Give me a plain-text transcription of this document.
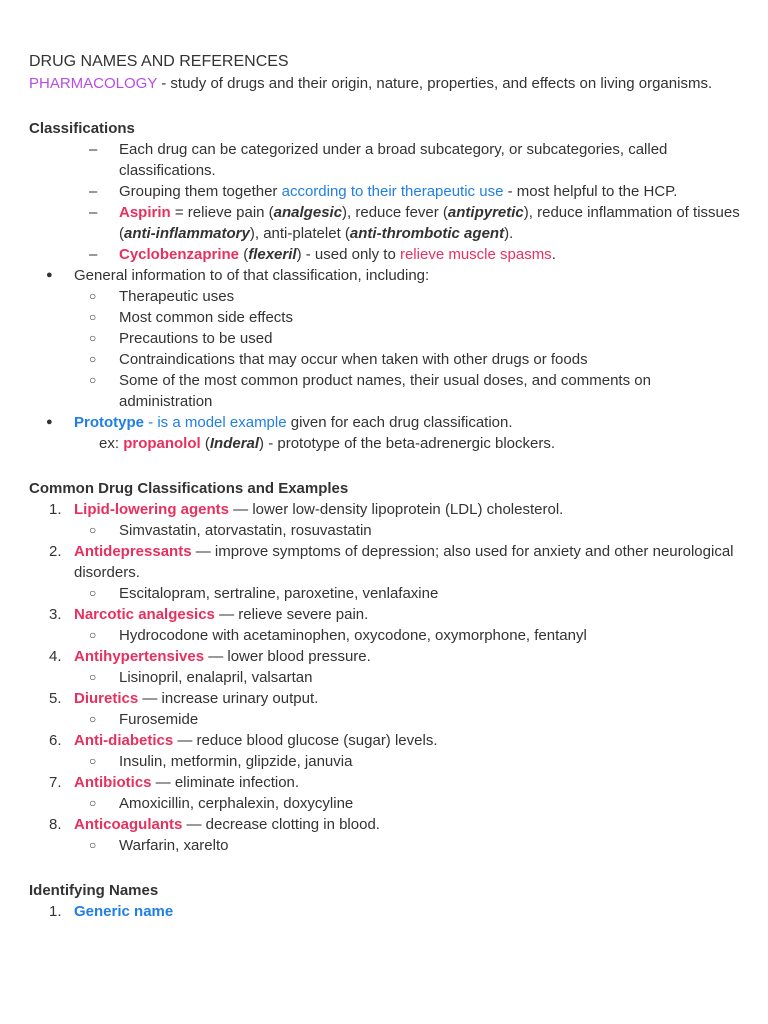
DRUG NAMES AND REFERENCES

PHARMACOLOGY - study of drugs and their origin, nature, properties, and effects on living organisms.

Classifications

– Each drug can be categorized under a broad subcategory, or subcategories, called classifications.
– Grouping them together according to their therapeutic use - most helpful to the HCP.
– Aspirin = relieve pain (analgesic), reduce fever (antipyretic), reduce inflammation of tissues (anti-inflammatory), anti-platelet (anti-thrombotic agent).
– Cyclobenzaprine (flexeril) - used only to relieve muscle spasms.
● General information to of that classification, including:
○ Therapeutic uses
○ Most common side effects
○ Precautions to be used
○ Contraindications that may occur when taken with other drugs or foods
○ Some of the most common product names, their usual doses, and comments on administration
● Prototype - is a model example given for each drug classification.

ex: propanolol (Inderal) - prototype of the beta-adrenergic blockers.

Common Drug Classifications and Examples

1. Lipid-lowering agents — lower low-density lipoprotein (LDL) cholesterol.
○ Simvastatin, atorvastatin, rosuvastatin
2. Antidepressants — improve symptoms of depression; also used for anxiety and other neurological disorders.
○ Escitalopram, sertraline, paroxetine, venlafaxine
3. Narcotic analgesics — relieve severe pain.
○ Hydrocodone with acetaminophen, oxycodone, oxymorphone, fentanyl
4. Antihypertensives — lower blood pressure.
○ Lisinopril, enalapril, valsartan
5. Diuretics — increase urinary output.
○ Furosemide
6. Anti-diabetics — reduce blood glucose (sugar) levels.
○ Insulin, metformin, glipzide, januvia
7. Antibiotics — eliminate infection.
○ Amoxicillin, cerphalexin, doxycyline
8. Anticoagulants — decrease clotting in blood.
○ Warfarin, xarelto

Identifying Names

1. Generic name
